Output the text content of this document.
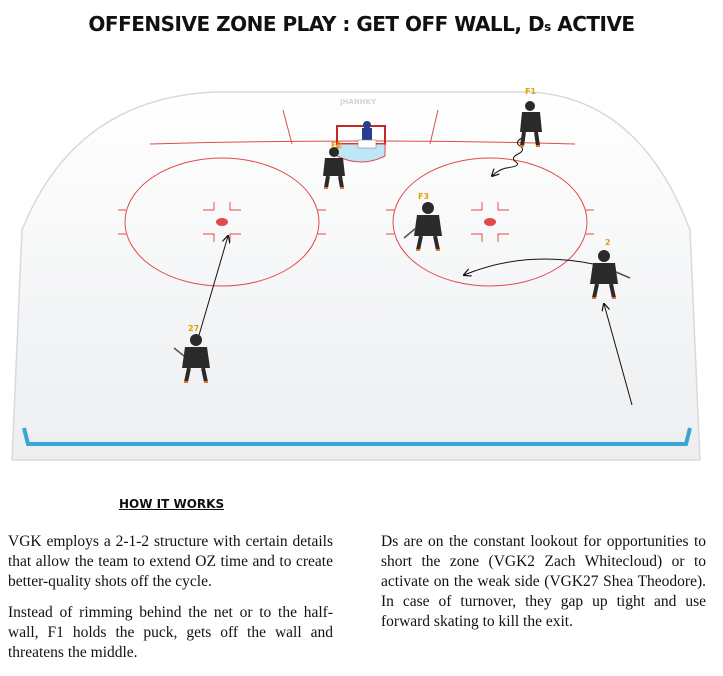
OFFENSIVE ZONE PLAY : GET OFF WALL, Ds ACTIVE
JHANHKY
F1
F2
F3
2
27
HOW IT WORKS

VGK employs a 2-1-2 structure with certain details that allow the team to extend OZ time and to create better-quality shots off the cycle.

Instead of rimming behind the net or to the half-wall, F1 holds the puck, gets off the wall and threatens the middle.

Ds are on the constant lookout for opportunities to short the zone (VGK2 Zach Whitecloud) or to activate on the weak side (VGK27 Shea Theodore). In case of turnover, they gap up tight and use forward skating to kill the exit.
